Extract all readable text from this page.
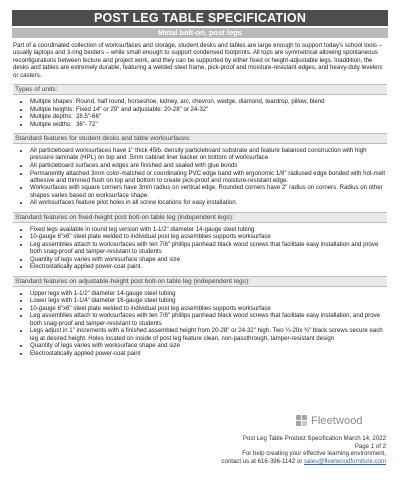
POST LEG TABLE SPECIFICATION
Metal bolt-on, post legs

Part of a coordinated collection of worksurfaces and storage, student desks and tables are large enough to support today's school tools – usually laptops and 3-ring binders – while small enough to support condensed footprints. All tops are symmetrical allowing spontaneous reconfigurations between lecture and project work, and they can be supported by either fixed or height-adjustable legs. Inaddition, the desks and tables are extremely durable, featuring a welded steel frame, pick-proof and moisture-resistant edges, and heavy-duty levelers or casters.

Types of units:
• Multiple shapes: Round, half round, horseshoe, kidney, arc, chevron, wedge, diamond, teardrop, pillow, blend
• Multiple heights: Fixed 14" or 29" and adjustable: 20-28" or 24-32"
• Multiple depths: 28.5"-66"
• Multiple widths: 36"- 72"
Standard features for student desks and table worksurfaces:
• All particleboard worksurfaces have 1" thick 45lb. density particleboard substrate and feature balanced construction with high pressure laminate (HPL) on top and .5mm cabinet liner backer on bottom of worksurface
• All particleboard surfaces and edges are finished and sealed with glue bonds
• Permanently attached 3mm color-matched or coordinating PVC edge band with ergonomic 1/8" radiused edge bonded with hot-melt adhesive and trimmed flush on top and bottom to create pick-proof and moisture-resistant edge.
• Worksurfaces with square corners have 3mm radius on vertical edge. Rounded corners have 2" radius on corners. Radius on other shapes varies based on worksurface shape.
• All worksurfaces feature pilot holes in all screw locations for easy installation.
Standard features on fixed-height post bolt-on table leg (independent legs):
• Fixed legs available in round leg version with 1-1/2" diameter 14-gauge steel tubing
• 10-gauge 6"x6" steel plate welded to individual post leg assemblies supports worksurface
• Leg assemblies attach to worksurfaces with ten 7/8" phillips panhead black wood screws that facilitate easy installation and prove both snag-proof and tamper-resistant to students
• Quantity of legs varies with worksurface shape and size
• Electrostatically applied power-coat paint.
Standard features on adjustable-height post bolt-on table leg (independent legs):
• Upper legs with 1-1/2" diameter 14-gauge steel tubing
• Lower legs with 1-1/4" diameter 16-gauge steel tubing
• 10-gauge 6"x6" steel plate welded to individual post leg assemblies supports worksurface
• Leg assemblies attach to worksurfaces with ten 7/8" phillips panhead black wood screws that facilitate easy installation, and prove both snag-proof and tamper-resistant to students
• Legs adjust in 1" increments with a finished assembled height from 20-28" or 24-32" high. Two ¼-20x ¾" black screws secure each leg at desired height. Holes located on inside of post leg feature clean, non-passthrough, tamper-resistant design
• Quantity of legs varies with worksurface shape and size
• Electrostatically applied power-coat paint
Fleetwood
Post Leg Table Product Specification March 14, 2022
Page 1 of 2
For help creating your effective learning environment,
contact us at 616-396-1142 or sales@fleetwoodfurniture.com
